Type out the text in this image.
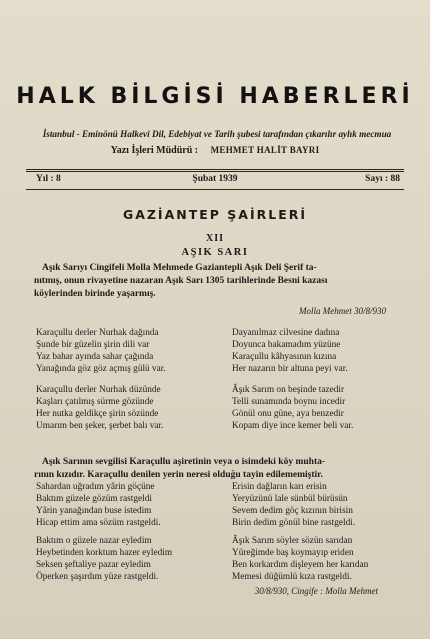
HALK BİLGİSİ HABERLERİ
İstanbul - Eminönü Halkevi Dil, Edebiyat ve Tarih şubesi tarafından çıkarılır aylık mecmua
Yazı İşleri Müdürü : MEHMET HALİT BAYRI
Yıl : 8	Şubat 1939	Sayı : 88
GAZİANTEP ŞAİRLERİ
XII
AŞIK SARI
Aşık Sarıyı Cingifeli Molla Mehmede Gaziantepli Aşık Deli Şerif ta-
nıtmış, onun rivayetine nazaran Aşık Sarı 1305 tarihlerinde Besni kazası
köylerinden birinde yaşarmış.
Molla Mehmet 30/8/930
Karaçullu derler Nurhak dağında
Şunde bir güzelin şirin dili var
Yaz bahar ayında sahar çağında
Yanağında göz göz açmış gülü var.
Karaçullu derler Nurhak düzünde
Kaşları çatılmış sürme gözünde
Her nutka geldikçe şirin sözünde
Umarım ben şeker, şerbet balı var.
Dayanılmaz cilvesine dadına
Doyunca bakamadım yüzüne
Karaçullu kâhyasının kızına
Her nazarın bir altuna peyi var.
Âşık Sarım on beşinde tazedir
Telli sunamında boynu incedir
Gönül onu güne, aya benzedir
Kopam diye ince kemer beli var.
Aşık Sarının sevgilisi Karaçullu aşiretinin veya o isimdeki köy muhta-
rının kızıdır. Karaçullu denilen yerin neresi olduğu tayin edilememiştir.
Sahardan uğradım yârin göçüne
Baktım güzele gözüm rastgeldi
Yârin yanağından buse istedim
Hicap ettim ama sözüm rastgeldi.
Baktım o güzele nazar eyledim
Heybetinden korktum hazer eyledim
Seksen şeftaliye pazar eyledim
Öperken şaşırdım yüze rastgeldi.
Erisin dağların karı erisin
Yeryüzünü lale sünbül bürüsün
Sevem dedim göç kızının birisin
Birin dedim gönül bine rastgeldi.
Âşık Sarım söyler sözün sarıdan
Yüreğimde baş koymayıp eriden
Ben korkardım dişleyem her karıdan
Memesi düğümlü kıza rastgeldi.
30/8/930, Cingife : Molla Mehmet
